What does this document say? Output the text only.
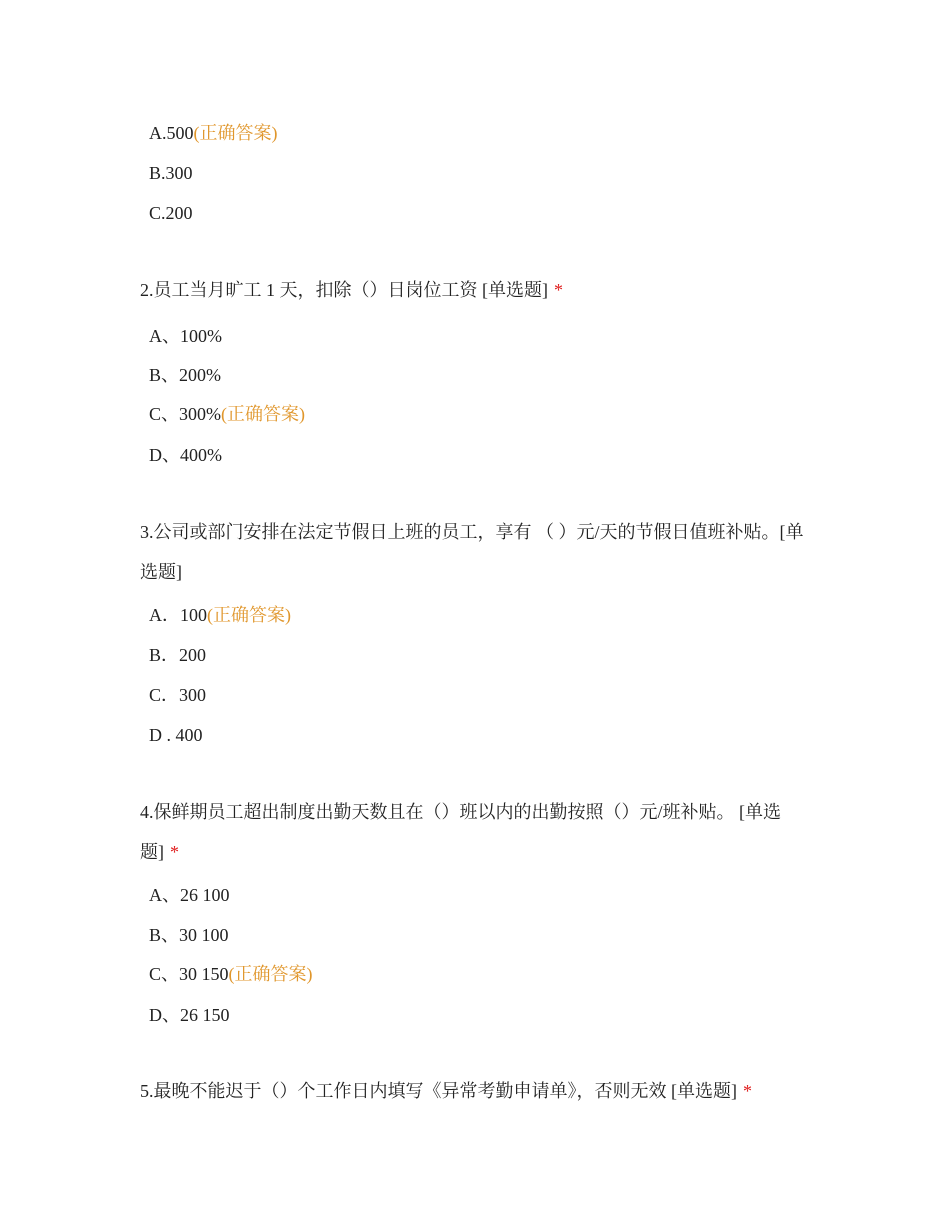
A.500(正确答案)
B.300
C.200
2.员工当月旷工 1 天，扣除（）日岗位工资 [单选题] *
A、100%
B、200%
C、300%(正确答案)
D、400%
3.公司或部门安排在法定节假日上班的员工，享有 （ ）元/天的节假日值班补贴。[单选题]
A．100(正确答案)
B．200
C．300
D . 400
4.保鲜期员工超出制度出勤天数且在（）班以内的出勤按照（）元/班补贴。 [单选题] *
A、26 100
B、30 100
C、30 150(正确答案)
D、26 150
5.最晚不能迟于（）个工作日内填写《异常考勤申请单》，否则无效 [单选题] *
